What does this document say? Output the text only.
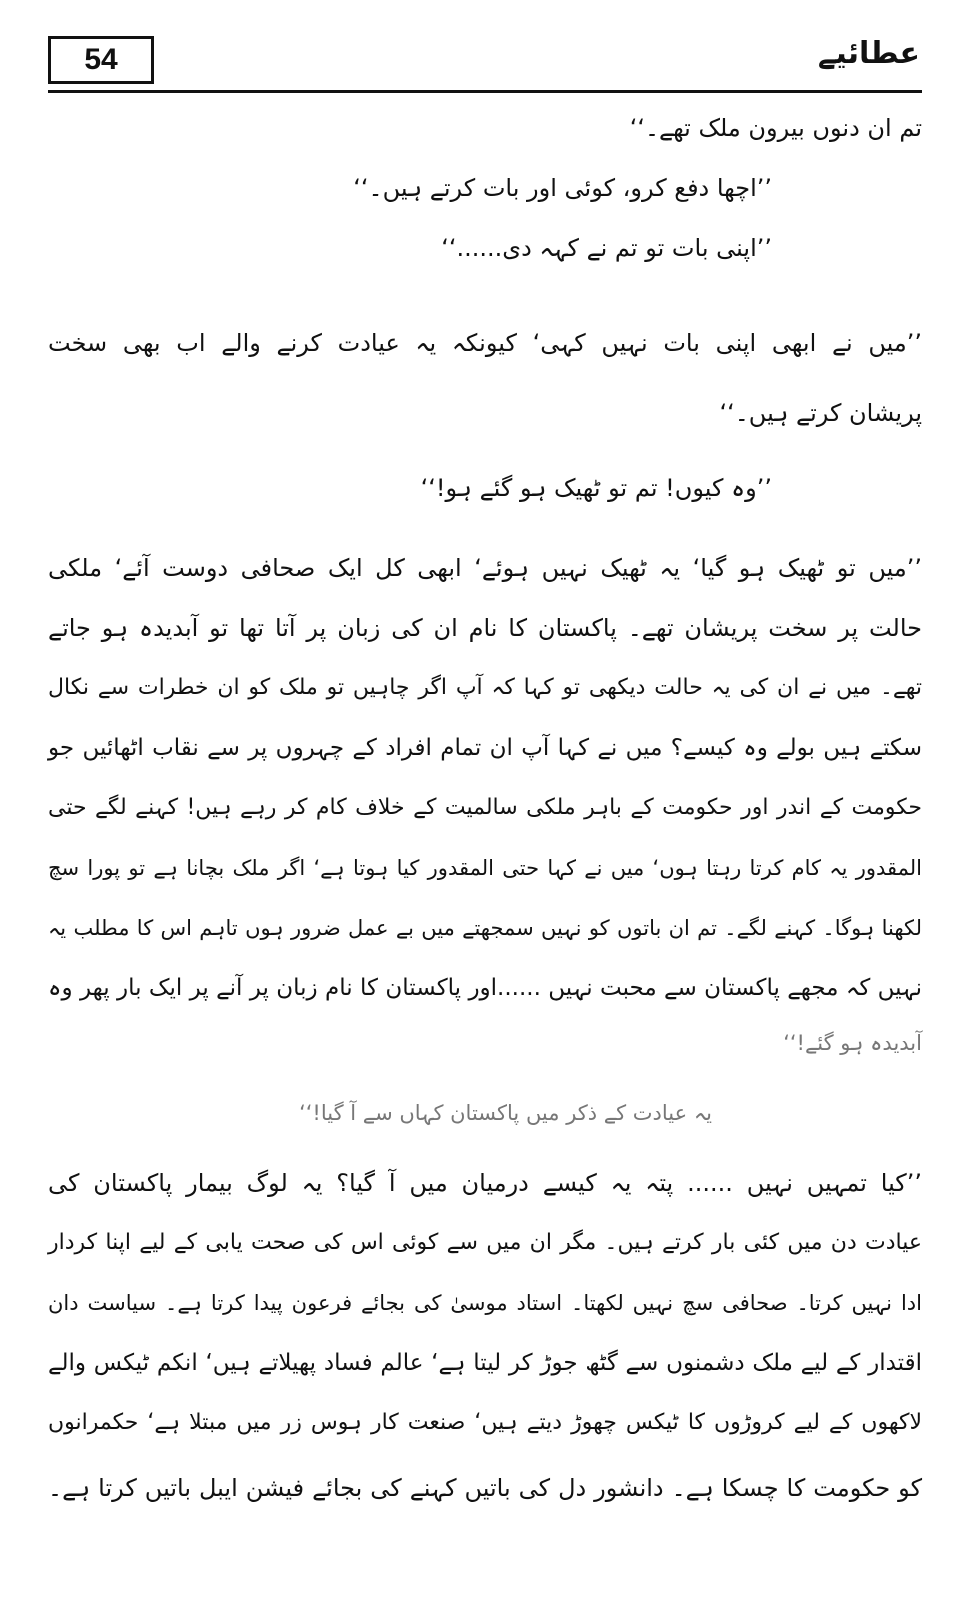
54	عطائیے
تم ان دنوں بیرون ملک تھے۔‘‘
’’اچھا دفع کرو، کوئی اور بات کرتے ہیں۔‘‘
’’اپنی بات تو تم نے کہہ دی......‘‘
’’میں نے ابھی اپنی بات نہیں کہی‘ کیونکہ یہ عیادت کرنے والے اب بھی سخت
پریشان کرتے ہیں۔‘‘
’’وہ کیوں! تم تو ٹھیک ہو گئے ہو!‘‘
’’میں تو ٹھیک ہو گیا‘ یہ ٹھیک نہیں ہوئے‘ ابھی کل ایک صحافی دوست آئے‘ ملکی
حالت پر سخت پریشان تھے۔ پاکستان کا نام ان کی زبان پر آتا تھا تو آبدیدہ ہو جاتے
تھے۔ میں نے ان کی یہ حالت دیکھی تو کہا کہ آپ اگر چاہیں تو ملک کو ان خطرات سے نکال
سکتے ہیں بولے وہ کیسے؟ میں نے کہا آپ ان تمام افراد کے چہروں پر سے نقاب اٹھائیں جو
حکومت کے اندر اور حکومت کے باہر ملکی سالمیت کے خلاف کام کر رہے ہیں! کہنے لگے حتی
المقدور یہ کام کرتا رہتا ہوں‘ میں نے کہا حتی المقدور کیا ہوتا ہے‘ اگر ملک بچانا ہے تو پورا سچ
لکھنا ہوگا۔ کہنے لگے۔ تم ان باتوں کو نہیں سمجھتے میں بے عمل ضرور ہوں تاہم اس کا مطلب یہ
نہیں کہ مجھے پاکستان سے محبت نہیں ......اور پاکستان کا نام زبان پر آنے پر ایک بار پھر وہ
آبدیدہ ہو گئے!‘‘
یہ عیادت کے ذکر میں پاکستان کہاں سے آ گیا!‘‘
’’کیا تمہیں نہیں ...... پتہ یہ کیسے درمیان میں آ گیا؟ یہ لوگ بیمار پاکستان کی
عیادت دن میں کئی بار کرتے ہیں۔ مگر ان میں سے کوئی اس کی صحت یابی کے لیے اپنا کردار
ادا نہیں کرتا۔ صحافی سچ نہیں لکھتا۔ استاد موسیٰ کی بجائے فرعون پیدا کرتا ہے۔ سیاست دان
اقتدار کے لیے ملک دشمنوں سے گٹھ جوڑ کر لیتا ہے‘ عالم فساد پھیلاتے ہیں‘ انکم ٹیکس والے
لاکھوں کے لیے کروڑوں کا ٹیکس چھوڑ دیتے ہیں‘ صنعت کار ہوس زر میں مبتلا ہے‘ حکمرانوں
کو حکومت کا چسکا ہے۔ دانشور دل کی باتیں کہنے کی بجائے فیشن ایبل باتیں کرتا ہے۔
